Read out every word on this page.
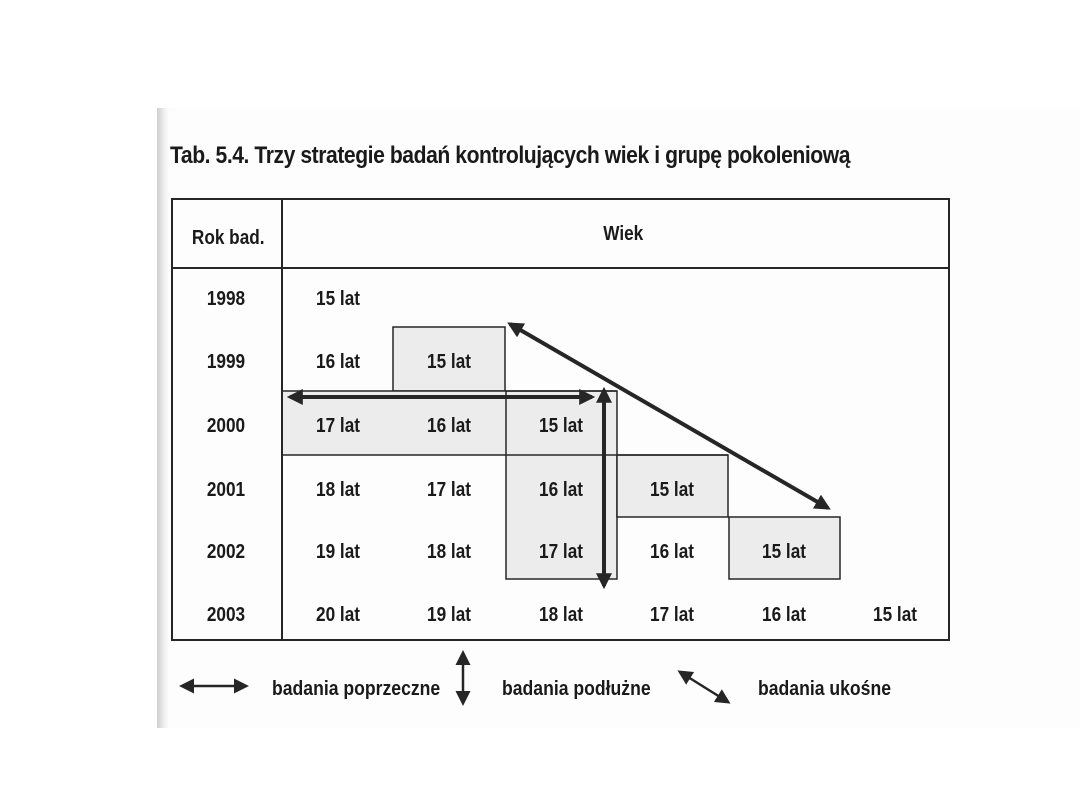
Tab. 5.4. Trzy strategie badań kontrolujących wiek i grupę pokoleniową
Rok bad.	Wiek
1998	15 lat
1999	16 lat	15 lat
2000	17 lat	16 lat	15 lat
2001	18 lat	17 lat	16 lat	15 lat
2002	19 lat	18 lat	17 lat	16 lat	15 lat
2003	20 lat	19 lat	18 lat	17 lat	16 lat	15 lat
badania poprzeczne	badania podłużne	badania ukośne
